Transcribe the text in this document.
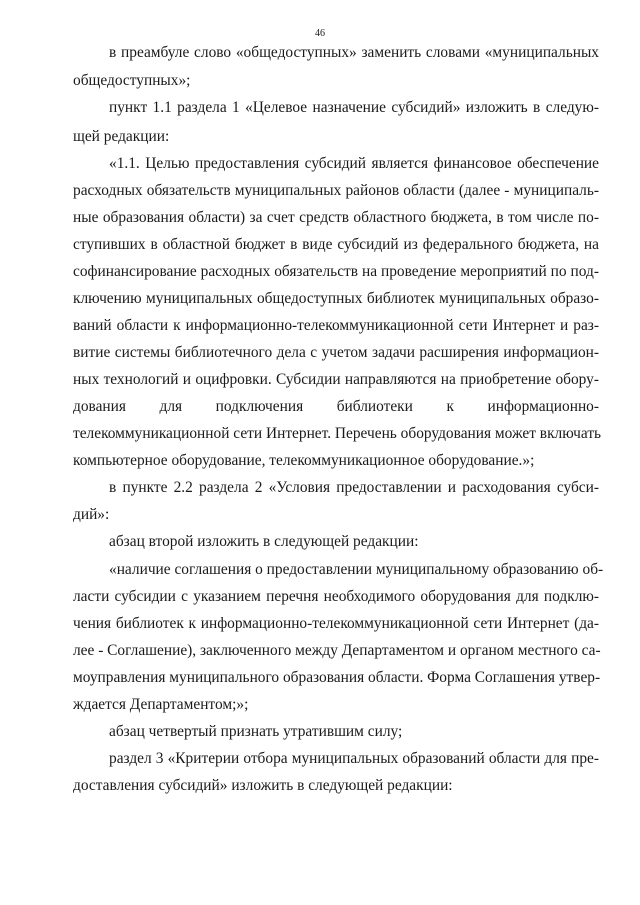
46
в преамбуле слово «общедоступных» заменить словами «муниципальных
общедоступных»;
пункт 1.1 раздела 1 «Целевое назначение субсидий» изложить в следую-
щей редакции:
«1.1. Целью предоставления субсидий является финансовое обеспечение
расходных обязательств муниципальных районов области (далее - муниципаль-
ные образования области) за счет средств областного бюджета, в том числе по-
ступивших в областной бюджет в виде субсидий из федерального бюджета, на
софинансирование расходных обязательств на проведение мероприятий по под-
ключению муниципальных общедоступных библиотек муниципальных образо-
ваний области к информационно-телекоммуникационной сети Интернет и раз-
витие системы библиотечного дела с учетом задачи расширения информацион-
ных технологий и оцифровки. Субсидии направляются на приобретение обору-
дования для подключения библиотеки к информационно-
телекоммуникационной сети Интернет. Перечень оборудования может включать
компьютерное оборудование, телекоммуникационное оборудование.»;
в пункте 2.2 раздела 2 «Условия предоставлении и расходования субси-
дий»:
абзац второй изложить в следующей редакции:
«наличие соглашения о предоставлении муниципальному образованию об-
ласти субсидии с указанием перечня необходимого оборудования для подклю-
чения библиотек к информационно-телекоммуникационной сети Интернет (да-
лее - Соглашение), заключенного между Департаментом и органом местного са-
моуправления муниципального образования области. Форма Соглашения утвер-
ждается Департаментом;»;
абзац четвертый признать утратившим силу;
раздел 3 «Критерии отбора муниципальных образований области для пре-
доставления субсидий» изложить в следующей редакции:
